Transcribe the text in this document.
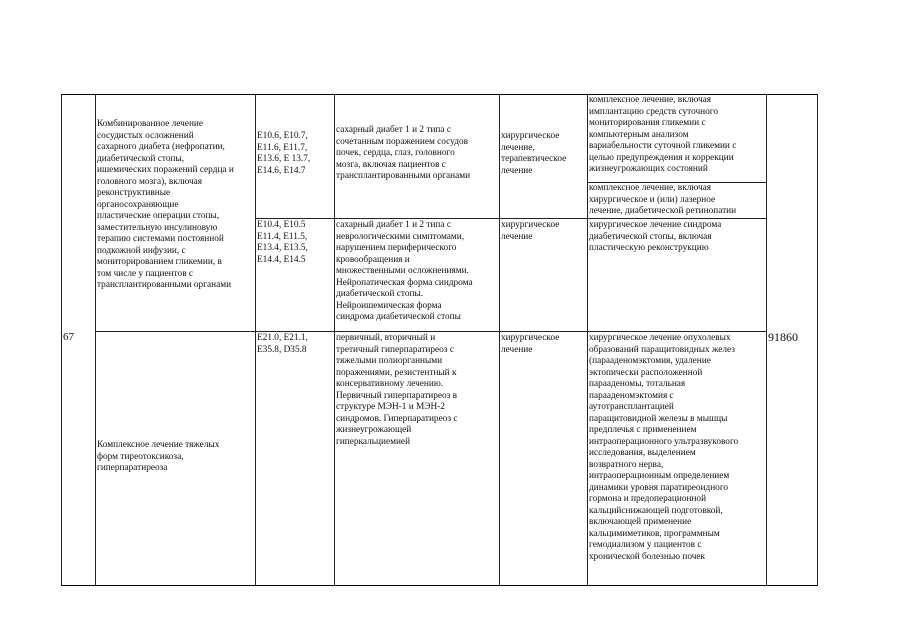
67	91860
Комбинированное лечение
сосудистых осложнений
сахарного диабета (нефропатии,
диабетической стопы,
ишемических поражений сердца и
головного мозга), включая
реконструктивные
органосохраняющие
пластические операции стопы,
заместительную инсулиновую
терапию системами постоянной
подкожной инфузии, с
мониторированием гликемии, в
том числе у пациентов с
трансплантированными органами
E10.6, E10.7,
E11.6, E11.7,
E13.6, E 13.7,
E14.6, E14.7
сахарный диабет 1 и 2 типа с
сочетанным поражением сосудов
почек, сердца, глаз, головного
мозга, включая пациентов с
трансплантированными органами
хирургическое
лечение,
терапевтическое
лечение
комплексное лечение, включая
имплантацию средств суточного
мониторирования гликемии с
компьютерным анализом
вариабельности суточной гликемии с
целью предупреждения и коррекции
жизнеугрожающих состояний
комплексное лечение, включая
хирургическое и (или) лазерное
лечение, диабетической ретинопатии
E10.4, E10.5
E11.4, E11.5,
E13.4, E13.5,
E14.4, E14.5
сахарный диабет 1 и 2 типа с
неврологическими симптомами,
нарушением периферического
кровообращения и
множественными осложнениями.
Нейропатическая форма синдрома
диабетической стопы.
Нейроишемическая форма
синдрома диабетической стопы
хирургическое
лечение
хирургическое лечение синдрома
диабетической стопы, включая
пластическую реконструкцию
Комплексное лечение тяжелых
форм тиреотоксикоза,
гиперпаратиреоза
E21.0, E21.1,
E35.8, D35.8
первичный, вторичный и
третичный гиперпаратиреоз с
тяжелыми полиорганными
поражениями, резистентный к
консервативному лечению.
Первичный гиперпаратиреоз в
структуре МЭН-1 и МЭН-2
синдромов. Гиперпаратиреоз с
жизнеугрожающей
гиперкальциемией
хирургическое
лечение
хирургическое лечение опухолевых
образований паращитовидных желез
(парааденомэктомия, удаление
эктопически расположенной
парааденомы, тотальная
парааденомэктомия с
аутотрансплантацией
паращитовидной железы в мышцы
предплечья с применением
интраоперационного ультразвукового
исследования, выделением
возвратного нерва,
интраоперационным определением
динамики уровня паратиреоидного
гормона и предоперационной
кальцийснижающей подготовкой,
включающей применение
кальцимиметиков, программным
гемодиализом у пациентов с
хронической болезнью почек
